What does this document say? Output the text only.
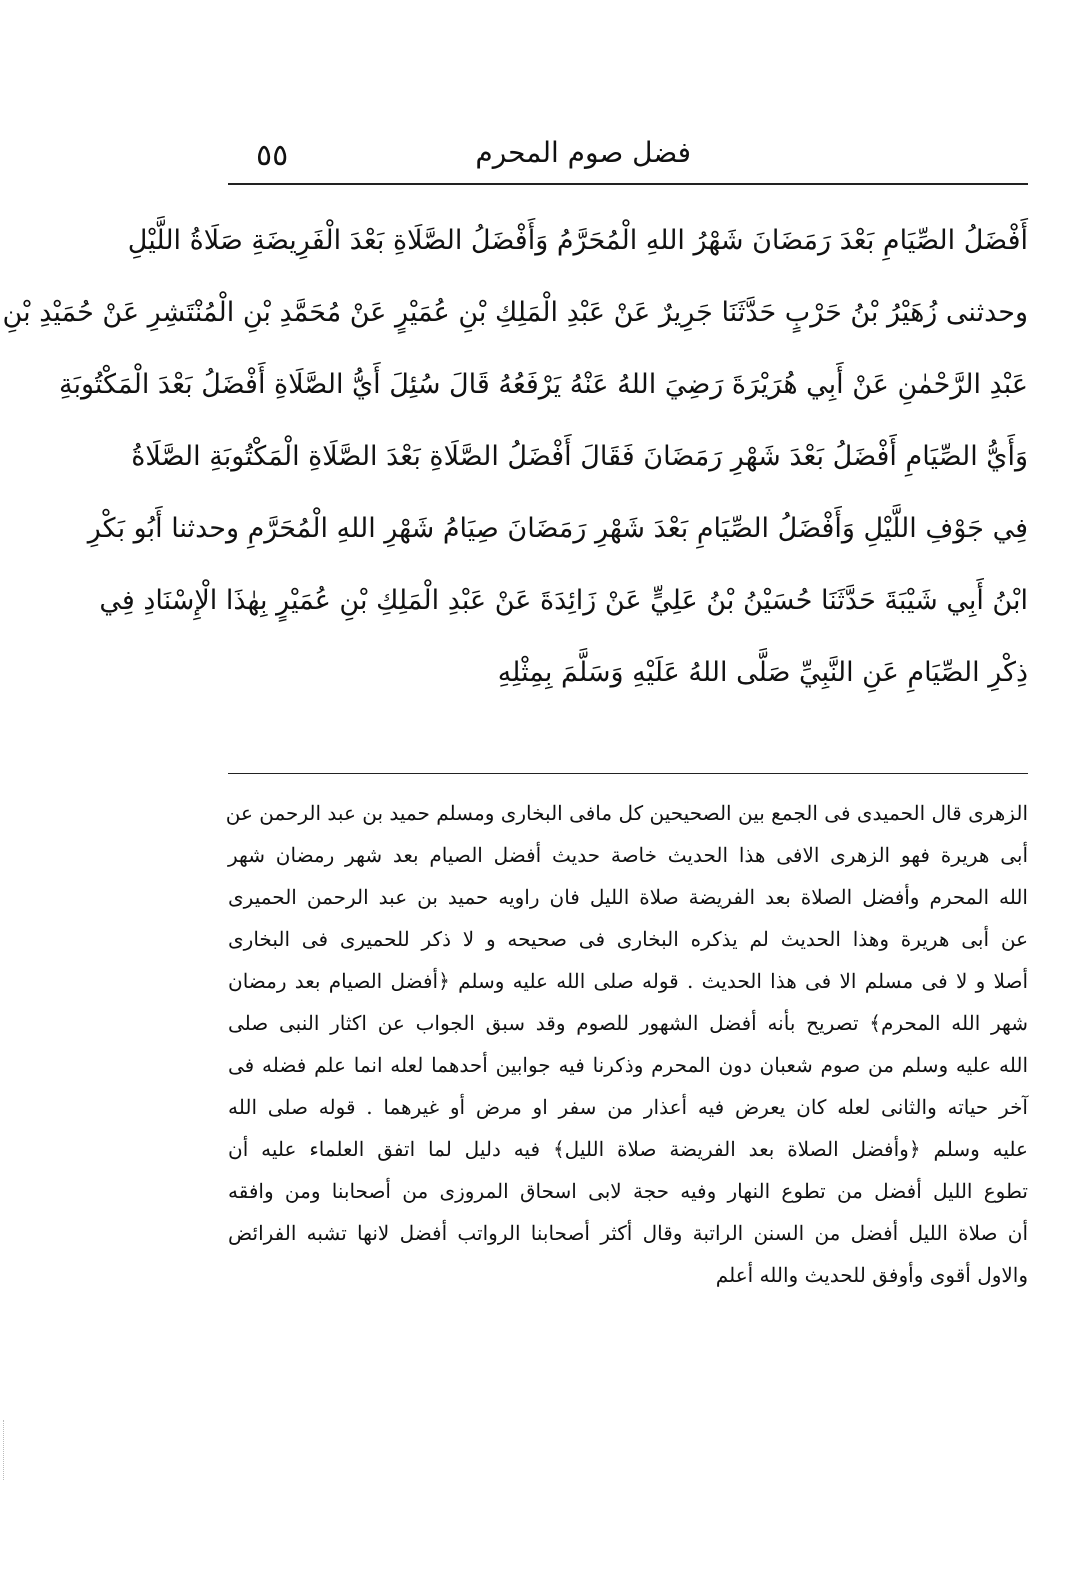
فضل صوم المحرم
٥٥
أَفْضَلُ الصِّيَامِ بَعْدَ رَمَضَانَ شَهْرُ اللهِ الْمُحَرَّمُ وَأَفْضَلُ الصَّلَاةِ بَعْدَ الْفَرِيضَةِ صَلَاةُ اللَّيْلِ
وحدثنى زُهَيْرُ بْنُ حَرْبٍ حَدَّثَنَا جَرِيرٌ عَنْ عَبْدِ الْمَلِكِ بْنِ عُمَيْرٍ عَنْ مُحَمَّدِ بْنِ الْمُنْتَشِرِ عَنْ حُمَيْدِ بْنِ
عَبْدِ الرَّحْمٰنِ عَنْ أَبِي هُرَيْرَةَ رَضِيَ اللهُ عَنْهُ يَرْفَعُهُ قَالَ سُئِلَ أَيُّ الصَّلَاةِ أَفْضَلُ بَعْدَ الْمَكْتُوبَةِ
وَأَيُّ الصِّيَامِ أَفْضَلُ بَعْدَ شَهْرِ رَمَضَانَ فَقَالَ أَفْضَلُ الصَّلَاةِ بَعْدَ الصَّلَاةِ الْمَكْتُوبَةِ الصَّلَاةُ
فِي جَوْفِ اللَّيْلِ وَأَفْضَلُ الصِّيَامِ بَعْدَ شَهْرِ رَمَضَانَ صِيَامُ شَهْرِ اللهِ الْمُحَرَّمِ وحدثنا أَبُو بَكْرِ
ابْنُ أَبِي شَيْبَةَ حَدَّثَنَا حُسَيْنُ بْنُ عَلِيٍّ عَنْ زَائِدَةَ عَنْ عَبْدِ الْمَلِكِ بْنِ عُمَيْرٍ بِهٰذَا الْإِسْنَادِ فِي
ذِكْرِ الصِّيَامِ عَنِ النَّبِيِّ صَلَّى اللهُ عَلَيْهِ وَسَلَّمَ بِمِثْلِهِ
الزهرى قال الحميدى فى الجمع بين الصحيحين كل مافى البخارى ومسلم حميد بن عبد الرحمن عن
أبى هريرة فهو الزهرى الافى هذا الحديث خاصة حديث أفضل الصيام بعد شهر رمضان شهر
الله المحرم وأفضل الصلاة بعد الفريضة صلاة الليل فان راويه حميد بن عبد الرحمن الحميرى
عن أبى هريرة وهذا الحديث لم يذكره البخارى فى صحيحه و لا ذكر للحميرى فى البخارى
أصلا و لا فى مسلم الا فى هذا الحديث . قوله صلى الله عليه وسلم ﴿أفضل الصيام بعد رمضان
شهر الله المحرم﴾ تصريح بأنه أفضل الشهور للصوم وقد سبق الجواب عن اكثار النبى صلى
الله عليه وسلم من صوم شعبان دون المحرم وذكرنا فيه جوابين أحدهما لعله انما علم فضله فى
آخر حياته والثانى لعله كان يعرض فيه أعذار من سفر او مرض أو غيرهما . قوله صلى الله
عليه وسلم ﴿وأفضل الصلاة بعد الفريضة صلاة الليل﴾ فيه دليل لما اتفق العلماء عليه أن
تطوع الليل أفضل من تطوع النهار وفيه حجة لابى اسحاق المروزى من أصحابنا ومن وافقه
أن صلاة الليل أفضل من السنن الراتبة وقال أكثر أصحابنا الرواتب أفضل لانها تشبه الفرائض
والاول أقوى وأوفق للحديث والله أعلم
